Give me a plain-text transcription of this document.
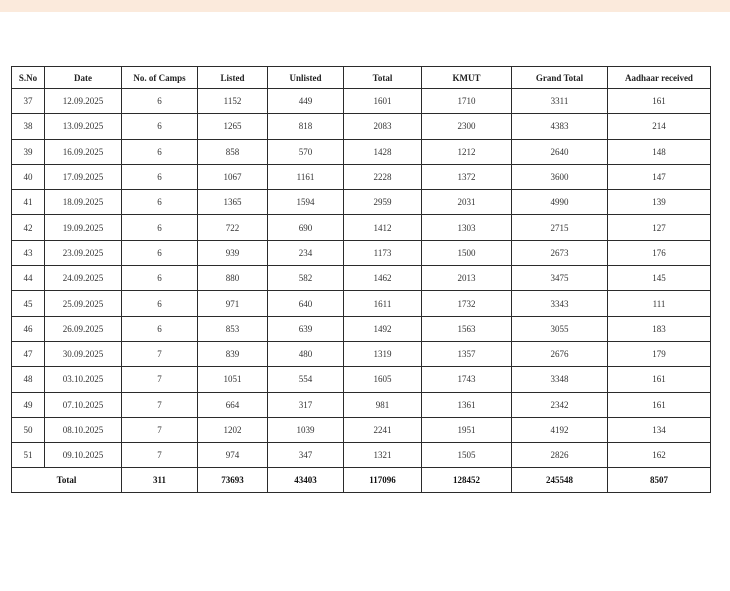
S.No	Date	No. of Camps	Listed	Unlisted	Total	KMUT	Grand Total	Aadhaar received
37	12.09.2025	6	1152	449	1601	1710	3311	161
38	13.09.2025	6	1265	818	2083	2300	4383	214
39	16.09.2025	6	858	570	1428	1212	2640	148
40	17.09.2025	6	1067	1161	2228	1372	3600	147
41	18.09.2025	6	1365	1594	2959	2031	4990	139
42	19.09.2025	6	722	690	1412	1303	2715	127
43	23.09.2025	6	939	234	1173	1500	2673	176
44	24.09.2025	6	880	582	1462	2013	3475	145
45	25.09.2025	6	971	640	1611	1732	3343	111
46	26.09.2025	6	853	639	1492	1563	3055	183
47	30.09.2025	7	839	480	1319	1357	2676	179
48	03.10.2025	7	1051	554	1605	1743	3348	161
49	07.10.2025	7	664	317	981	1361	2342	161
50	08.10.2025	7	1202	1039	2241	1951	4192	134
51	09.10.2025	7	974	347	1321	1505	2826	162
Total		311	73693	43403	117096	128452	245548	8507
